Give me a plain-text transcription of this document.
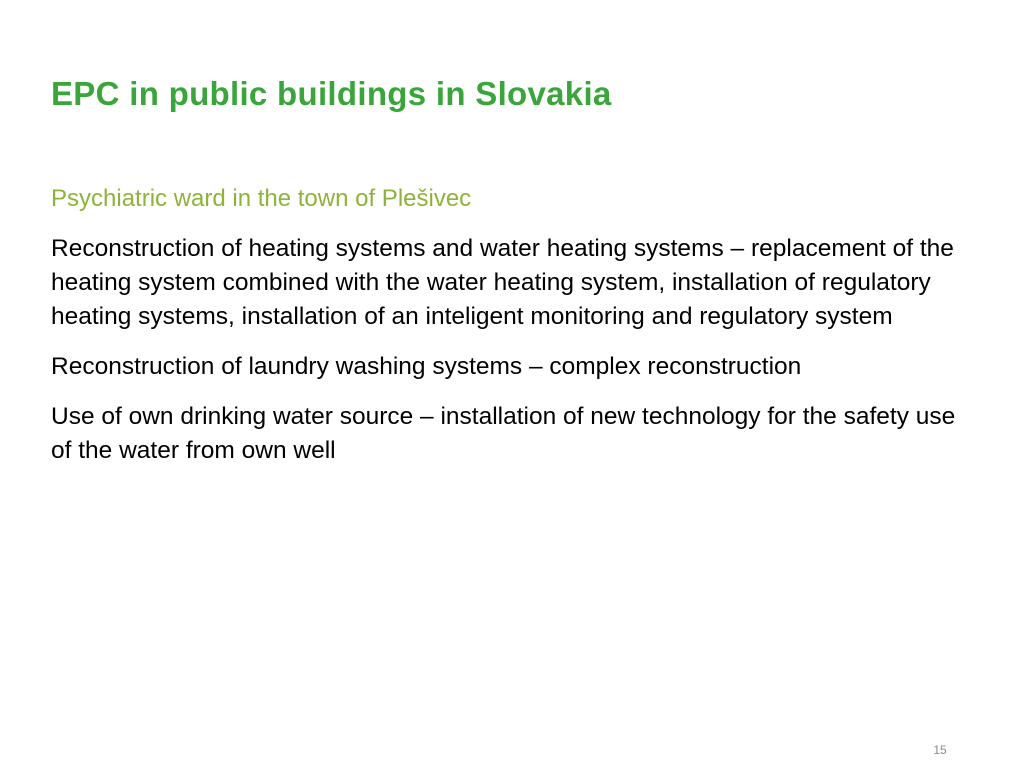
EPC in public buildings in Slovakia

Psychiatric ward in the town of Plešivec

Reconstruction of heating systems and water heating systems – replacement of the heating system combined with the water heating system, installation of regulatory heating systems, installation of an inteligent monitoring and regulatory system

Reconstruction of laundry washing systems – complex reconstruction

Use of own drinking water source – installation of new technology for the safety use of the water from own well

15
